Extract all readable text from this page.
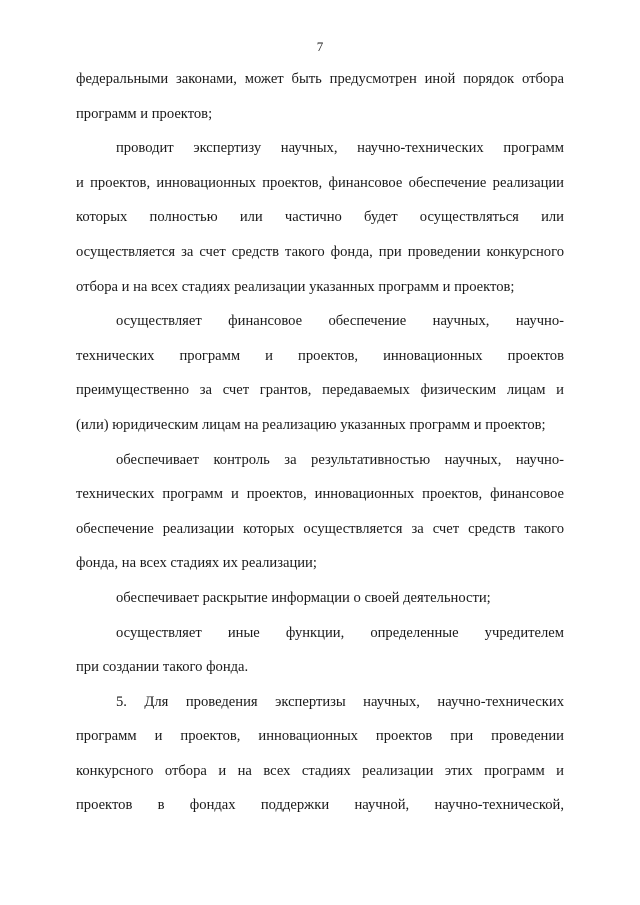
7
федеральными законами, может быть предусмотрен иной порядок отбора
программ и проектов;
проводит экспертизу научных, научно-технических программ
и проектов, инновационных проектов, финансовое обеспечение реализации
которых полностью или частично будет осуществляться или
осуществляется за счет средств такого фонда, при проведении конкурсного
отбора и на всех стадиях реализации указанных программ и проектов;
осуществляет финансовое обеспечение научных, научно-
технических программ и проектов, инновационных проектов
преимущественно за счет грантов, передаваемых физическим лицам и
(или) юридическим лицам на реализацию указанных программ и проектов;
обеспечивает контроль за результативностью научных, научно-
технических программ и проектов, инновационных проектов, финансовое
обеспечение реализации которых осуществляется за счет средств такого
фонда, на всех стадиях их реализации;
обеспечивает раскрытие информации о своей деятельности;
осуществляет иные функции, определенные учредителем
при создании такого фонда.
5. Для проведения экспертизы научных, научно-технических
программ и проектов, инновационных проектов при проведении
конкурсного отбора и на всех стадиях реализации этих программ и
проектов в фондах поддержки научной, научно-технической,
